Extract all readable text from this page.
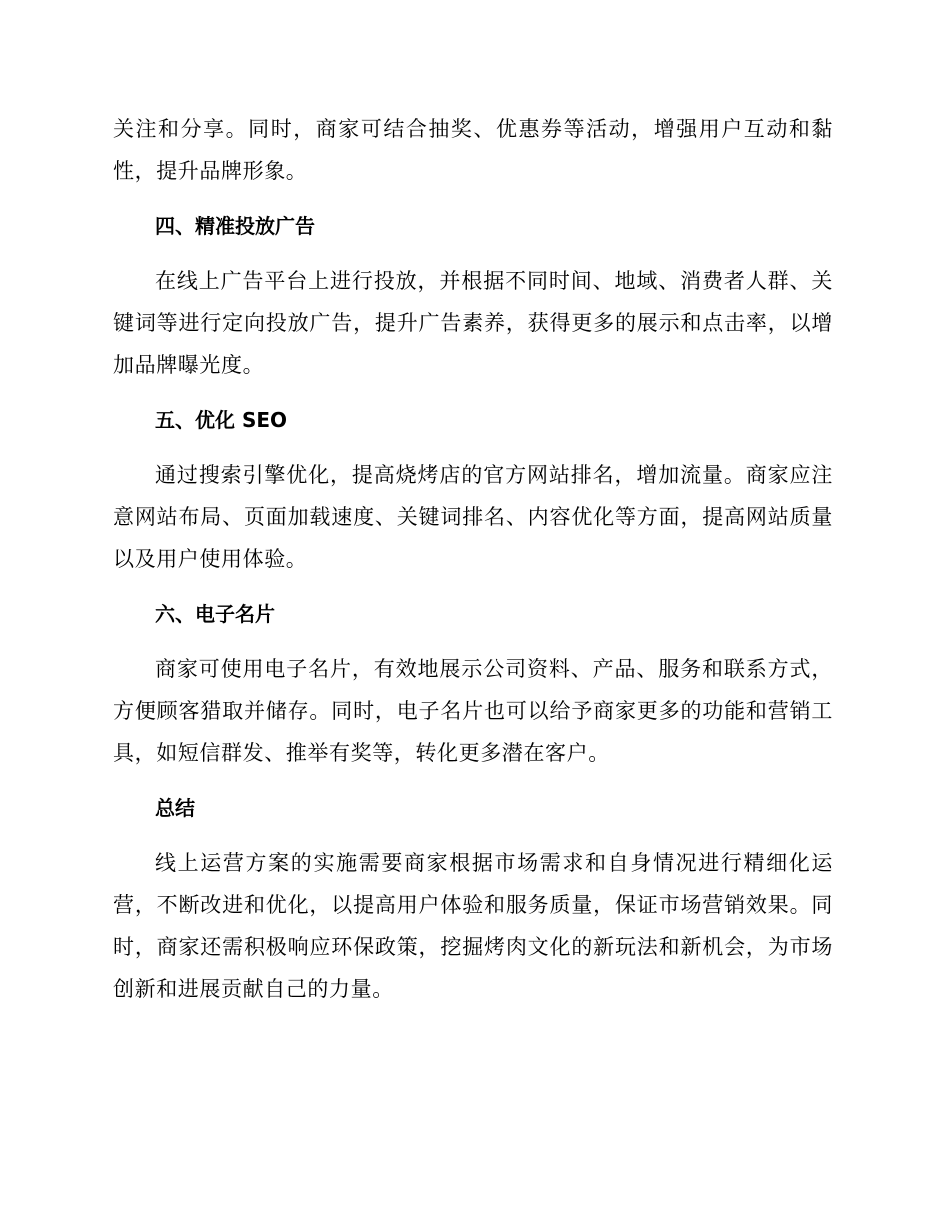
关注和分享。同时，商家可结合抽奖、优惠券等活动，增强用户互动和黏性，提升品牌形象。

四、精准投放广告

在线上广告平台上进行投放，并根据不同时间、地域、消费者人群、关键词等进行定向投放广告，提升广告素养，获得更多的展示和点击率，以增加品牌曝光度。

五、优化 SEO

通过搜索引擎优化，提高烧烤店的官方网站排名，增加流量。商家应注意网站布局、页面加载速度、关键词排名、内容优化等方面，提高网站质量以及用户使用体验。

六、电子名片

商家可使用电子名片，有效地展示公司资料、产品、服务和联系方式，方便顾客猎取并储存。同时，电子名片也可以给予商家更多的功能和营销工具，如短信群发、推举有奖等，转化更多潜在客户。

总结

线上运营方案的实施需要商家根据市场需求和自身情况进行精细化运营，不断改进和优化，以提高用户体验和服务质量，保证市场营销效果。同时，商家还需积极响应环保政策，挖掘烤肉文化的新玩法和新机会，为市场创新和进展贡献自己的力量。
